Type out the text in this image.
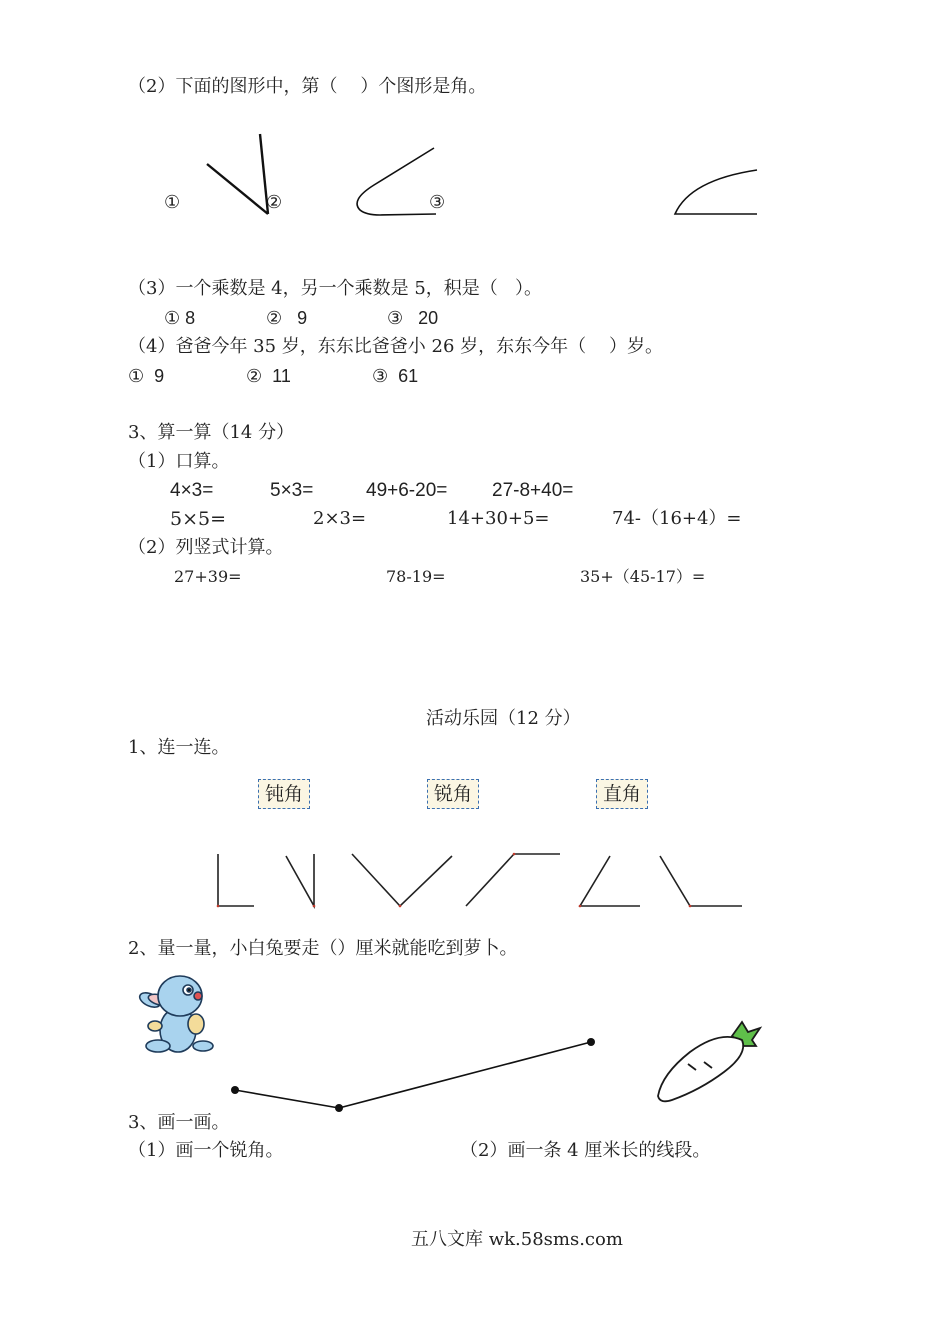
（2）下面的图形中，第（    ）个图形是角。
①	②	③
（3）一个乘数是 4，另一个乘数是 5，积是（   ）。
① 8	②   9	③   20
（4）爸爸今年 35 岁，东东比爸爸小 26 岁，东东今年（    ）岁。
①  9	②  11	③  61
3、算一算（14 分）
（1）口算。
4×3=	5×3=	49+6-20= 27-8+40=
5×5=	2×3=	14+30+5=	74-（16+4）=
（2）列竖式计算。
27+39=	78-19=	35+（45-17）=
活动乐园（12 分）
1、连一连。
钝角	锐角	直角
2、量一量，小白兔要走（）厘米就能吃到萝卜。
3、画一画。
（1）画一个锐角。	（2）画一条 4 厘米长的线段。
五八文库 wk.58sms.com
